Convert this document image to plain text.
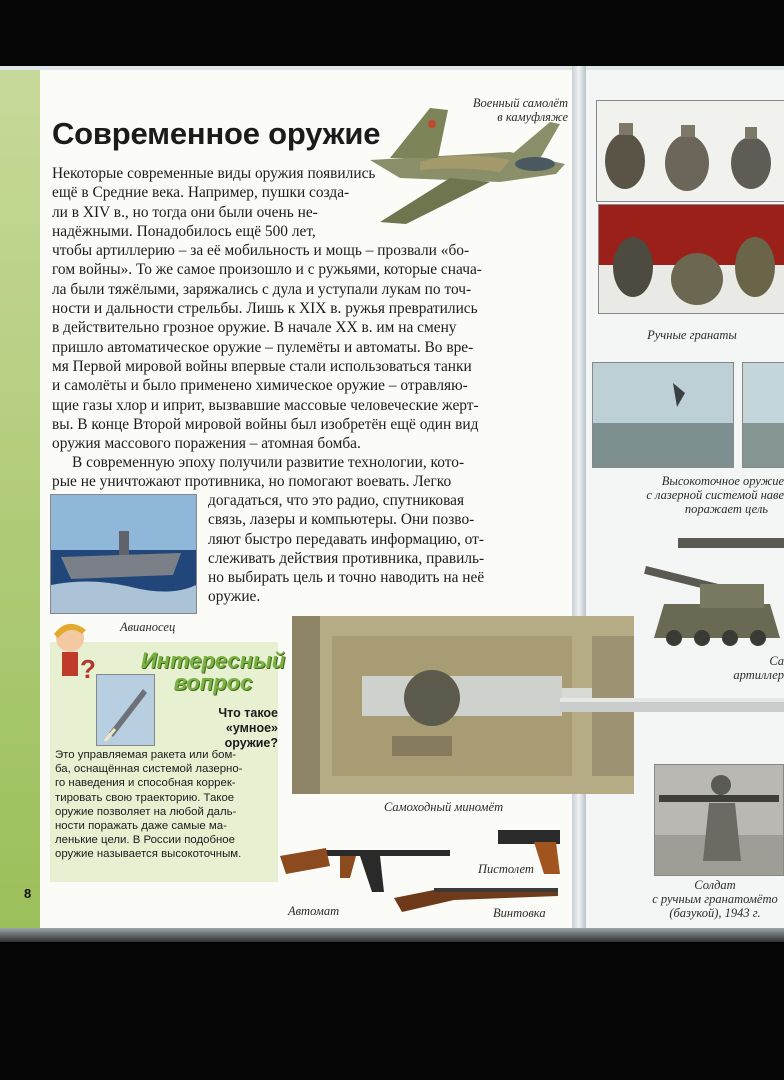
Современное оружие
Военный самолёт
в камуфляже
Некоторые современные виды оружия появились
ещё в Средние века. Например, пушки созда-
ли в XIV в., но тогда они были очень не-
надёжными. Понадобилось ещё 500 лет,
чтобы артиллерию – за её мобильность и мощь – прозвали «бо-
гом войны». То же самое произошло и с ружьями, которые снача-
ла были тяжёлыми, заряжались с дула и уступали лукам по точ-
ности и дальности стрельбы. Лишь к XIX в. ружья превратились
в действительно грозное оружие. В начале XX в. им на смену
пришло автоматическое оружие – пулемёты и автоматы. Во вре-
мя Первой мировой войны впервые стали использоваться танки
и самолёты и было применено химическое оружие – отравляю-
щие газы хлор и иприт, вызвавшие массовые человеческие жерт-
вы. В конце Второй мировой войны был изобретён ещё один вид
оружия массового поражения – атомная бомба.
В современную эпоху получили развитие технологии, кото-
рые не уничтожают противника, но помогают воевать. Легко
догадаться, что это радио, спутниковая
связь, лазеры и компьютеры. Они позво-
ляют быстро передавать информацию, от-
слеживать действия противника, правиль-
но выбирать цель и точно наводить на неё
оружие.
Авианосец
? Интересный
вопрос
Что такое
«умное» оружие?
Это управляемая ракета или бом-
ба, оснащённая системой лазерно-
го наведения и способная коррек-
тировать свою траекторию. Такое
оружие позволяет на любой даль-
ности поражать даже самые ма-
ленькие цели. В России подобное
оружие называется высокоточным.
Самоходный миномёт
Пистолет
Автомат	Винтовка
8
Ручные гранаты
Высокоточное оружие
с лазерной системой наве
поражает цель
Са
артиллер
Солдат
с ручным гранатомёто
(базукой), 1943 г.
